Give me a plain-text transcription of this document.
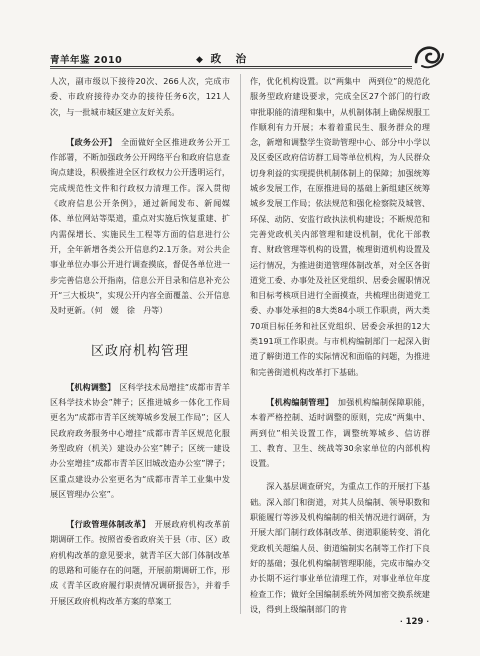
青羊年鉴 2010	◆ 政　治

人次，副市级以下接待20次、266人次，完成市委、市政府接待办交办的接待任务6次，121人次，与一批城市城区建立友好关系。

【政务公开】　 全面做好全区推进政务公开工作部署，不断加强政务公开网络平台和政府信息查询点建设，积极推进全区行政权力公开透明运行，完成规范性文件和行政权力清理工作。深入贯彻《政府信息公开条例》，通过新闻发布、新闻媒体、单位网站等渠道，重点对实施后恢复重建、扩内需保增长、实施民生工程等方面的信息进行公开，全年新增各类公开信息约2.1万条。对公共企事业单位办事公开进行调查摸底，督促各单位进一步完善信息公开指南，信息公开目录和信息补充公开“三大板块”，实现公开内容全面覆盖、公开信息及时更新。（何　媛　徐　丹等）

区政府机构管理

【机构调整】　 区科学技术局增挂“成都市青羊区科学技术协会”牌子；区推进城乡一体化工作局更名为“成都市青羊区统筹城乡发展工作局”；区人民政府政务服务中心增挂“成都市青羊区规范化服务型政府（机关）建设办公室”牌子；区统一建设办公室增挂“成都市青羊区旧城改造办公室”牌子；区重点建设办公室更名为“成都市青羊工业集中发展区管理办公室”。

【行政管理体制改革】　 开展政府机构改革前期调研工作。按照省委省政府关于县（市、区）政府机构改革的意见要求，就青羊区大部门体制改革的思路和可能存在的问题，开展前期调研工作，形成《青羊区政府履行职责情况调研报告》，并着手开展区政府机构改革方案的草案工

作，优化机构设置。以“两集中　两到位”的规范化服务型政府建设要求，完成全区27个部门的行政审批职能的清理和集中，从机制体制上确保规服工作顺利有力开展；本着着重民生、服务群众的理念，新增和调整学生资助管理中心、部分中小学以及区委区政府信访群工局等单位机构，为人民群众切身利益的实现提供机制体制上的保障；加强统筹城乡发展工作，在原推进局的基础上新组建区统筹城乡发展工作局；依法规范和强化检察院及城管、环保、动防、安监行政执法机构建设；不断规范和完善党政机关内部管理和建设机制，优化干部教育、财政管理等机构的设置，梳理街道机构设置及运行情况，为推进街道管理体制改革，对全区各街道党工委、办事处及社区党组织、居委会履职情况和目标考核项目进行全面摸查，共梳理出街道党工委、办事处承担的8大类84小项工作职责，两大类70项目标任务和社区党组织、居委会承担的12大类191项工作职责。与市机构编制部门一起深入街道了解街道工作的实际情况和面临的问题，为推进和完善街道机构改革打下基础。

【机构编制管理】　 加强机构编制保障职能，本着严格控制、适时调整的原则，完成“两集中、两到位”相关设置工作，调整统筹城乡、信访群工、教育、卫生、统战等30余家单位的内部机构设置。

深入基层调查研究，为重点工作的开展打下基础。深入部门和街道，对其人员编制、领导职数和职能履行等涉及机构编制的相关情况进行调研，为开展大部门制行政体制改革、街道职能转变、消化党政机关超编人员、街道编制实名制等工作打下良好的基础；强化机构编制管理职能，完成市编办交办长期不运行事业单位清理工作，对事业单位年度检查工作；做好全国编制系统外网加密交换系统建设，得到上级编制部门的肯

· 129 ·
